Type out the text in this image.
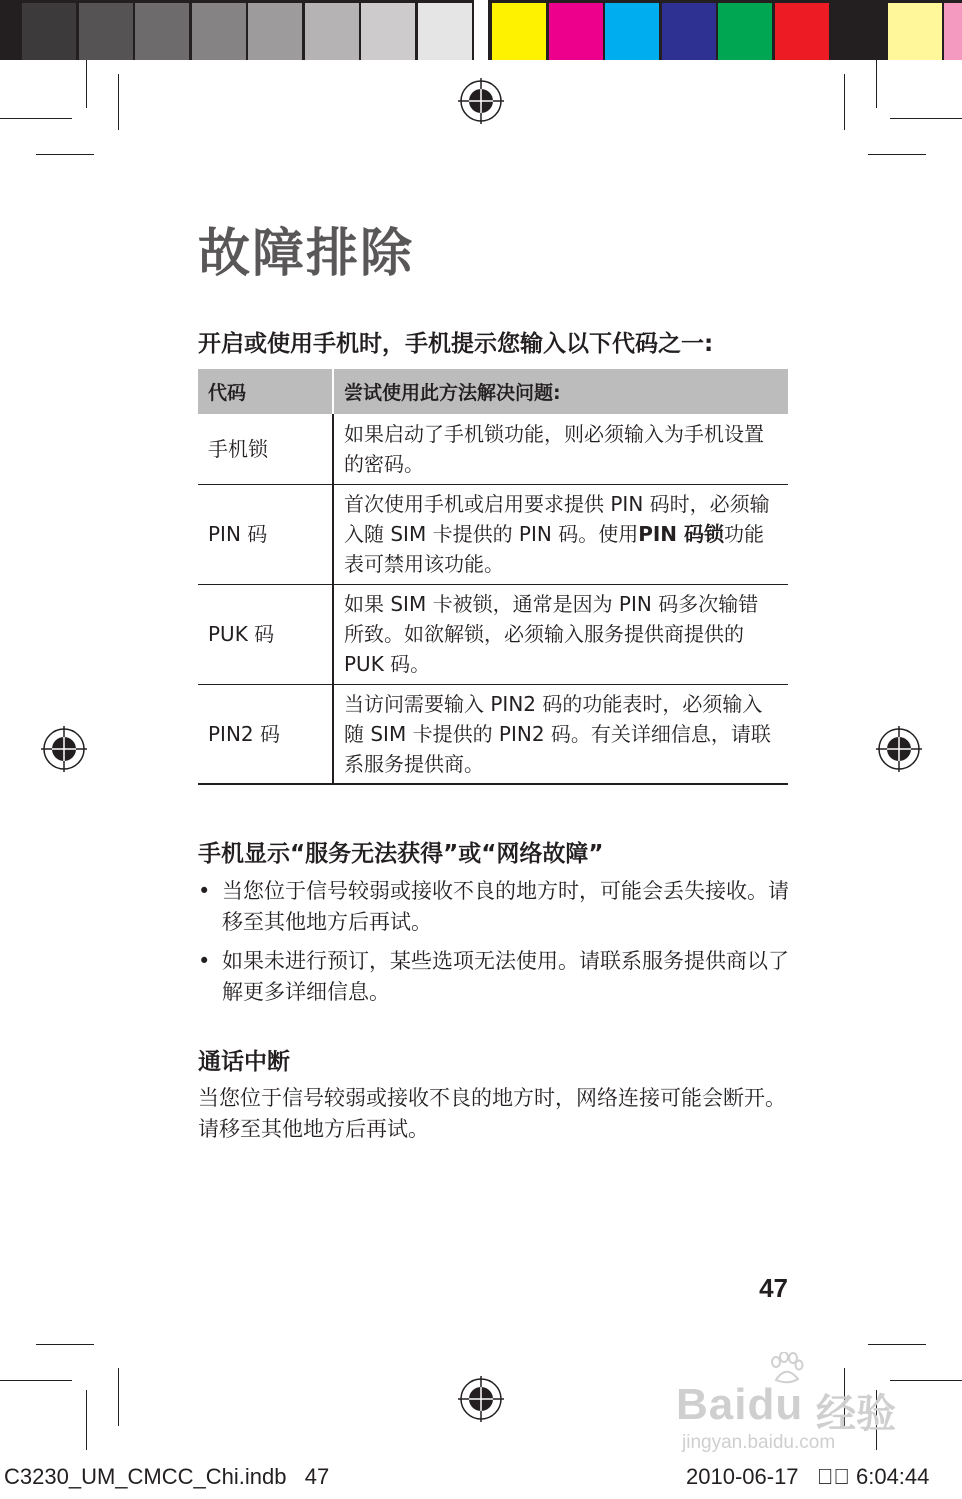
故障排除
开启或使用手机时，手机提示您输入以下代码之一:
代码	尝试使用此方法解决问题:
手机锁	如果启动了手机锁功能，则必须输入为手机设置的密码。
PIN 码	首次使用手机或启用要求提供 PIN 码时，必须输入随 SIM 卡提供的 PIN 码。使用PIN 码锁功能表可禁用该功能。
PUK 码	如果 SIM 卡被锁，通常是因为 PIN 码多次输错所致。如欲解锁，必须输入服务提供商提供的 PUK 码。
PIN2 码	当访问需要输入 PIN2 码的功能表时，必须输入随 SIM 卡提供的 PIN2 码。有关详细信息，请联系服务提供商。
手机显示“服务无法获得”或“网络故障”
• 当您位于信号较弱或接收不良的地方时，可能会丢失接收。请移至其他地方后再试。
• 如果未进行预订，某些选项无法使用。请联系服务提供商以了解更多详细信息。
通话中断
当您位于信号较弱或接收不良的地方时，网络连接可能会断开。请移至其他地方后再试。
47
C3230_UM_CMCC_Chi.indb   47	2010-06-17   ￿￿ 6:04:44
Baidu 经验
jingyan.baidu.com
